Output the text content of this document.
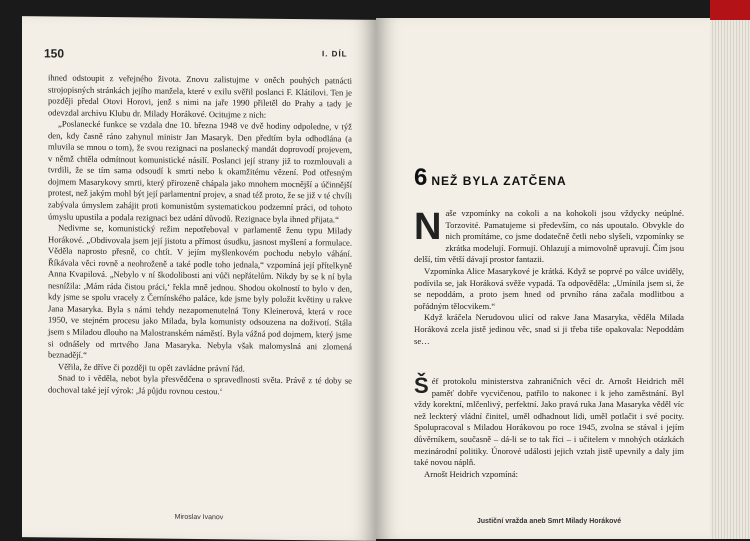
150	I. DÍL

ihned odstoupit z veřejného života. Znovu zalistujme v oněch pouhých patnácti strojopisných stránkách jejího manžela, které v exilu svěřil poslanci F. Klátilovi. Ten je později předal Otovi Horovi, jenž s nimi na jaře 1990 přiletěl do Prahy a tady je odevzdal archivu Klubu dr. Milady Horákové. Ocitujme z nich:

„Poslanecké funkce se vzdala dne 10. března 1948 ve dvě hodiny odpoledne, v týž den, kdy časně ráno zahynul ministr Jan Masaryk. Den předtím byla odhodlána (a mluvila se mnou o tom), že svou rezignaci na poslanecký mandát doprovodí projevem, v němž chtěla odmítnout komunistické násilí. Poslanci její strany již to rozmlouvali a tvrdili, že se tím sama odsoudí k smrti nebo k okamžitému vězení. Pod otřesným dojmem Masarykovy smrti, který přirozeně chápala jako mnohem mocnější a účinnější protest, než jakým mohl být její parlamentní projev, a snad též proto, že se již v té chvíli zabývala úmyslem zahájit proti komunistům systematickou podzemní práci, od tohoto úmyslu upustila a podala rezignaci bez udání důvodů. Rezignace byla ihned přijata.“

Nedivme se, komunistický režim nepotřeboval v parlamentě ženu typu Milady Horákové. „Obdivovala jsem její jistotu a přímost úsudku, jasnost myšlení a formulace. Věděla naprosto přesně, co chtít. V jejím myšlenkovém pochodu nebylo váhání. Říkávala věci rovně a neohroženě a také podle toho jednala,“ vzpomíná její přítelkyně Anna Kvapilová. „Nebylo v ní škodolibosti ani vůči nepřátelům. Nikdy by se k ní byla nesnížila: ,Mám ráda čistou práci,‘ řekla mně jednou. Shodou okolností to bylo v den, kdy jsme se spolu vracely z Černínského paláce, kde jsme byly položit květiny u rakve Jana Masaryka. Byla s námi tehdy nezapomenutelná Tony Kleinerová, která v roce 1950, ve stejném procesu jako Milada, byla komunisty odsouzena na doživotí. Stála jsem s Miladou dlouho na Malostranském náměstí. Byla vážná pod dojmem, který jsme si odnášely od mrtvého Jana Masaryka. Nebyla však malomyslná ani zlomená beznadějí.“

Věřila, že dříve či později tu opět zavládne právní řád.

Snad to i věděla, nebot byla přesvědčena o spravedlnosti světa. Právě z té doby se dochoval také její výrok: ,Já půjdu rovnou cestou.‘

Miroslav Ivanov
6 NEŽ BYLA ZATČENA

Naše vzpomínky na cokoli a na kohokoli jsou vždycky neúplné. Torzovité. Pamatujeme si především, co nás upoutalo. Obvykle do nich promítáme, co jsme dodatečně četli nebo slyšeli, vzpomínky se zkrátka modelují. Formují. Ohlazují a mimovolně upravují. Čím jsou delší, tím větší dávají prostor fantazii.

Vzpomínka Alice Masarykové je krátká. Když se poprvé po válce uviděly, podívila se, jak Horáková svěže vypadá. Ta odpověděla: „Umínila jsem si, že se nepoddám, a proto jsem hned od prvního rána začala modlitbou a pořádným tělocvikem.“

Když kráčela Nerudovou ulicí od rakve Jana Masaryka, věděla Milada Horáková zcela jistě jedinou věc, snad si ji třeba tiše opakovala: Nepoddám se…

Šéf protokolu ministerstva zahraničních věcí dr. Arnošt Heidrich měl paměť dobře vycvičenou, patřilo to nakonec i k jeho zaměstnání. Byl vždy korektní, mlčenlivý, perfektní. Jako pravá ruka Jana Masaryka věděl víc než leckterý vládní činitel, uměl odhadnout lidi, uměl potlačit i své pocity. Spolupracoval s Miladou Horákovou po roce 1945, zvolna se stával i jejím důvěrníkem, současně – dá-li se to tak říci – i učitelem v mnohých otázkách mezinárodní politiky. Únorové události jejich vztah jistě upevnily a daly jim také novou náplň.

Arnošt Heidrich vzpomíná:

Justiční vražda aneb Smrt Milady Horákové
